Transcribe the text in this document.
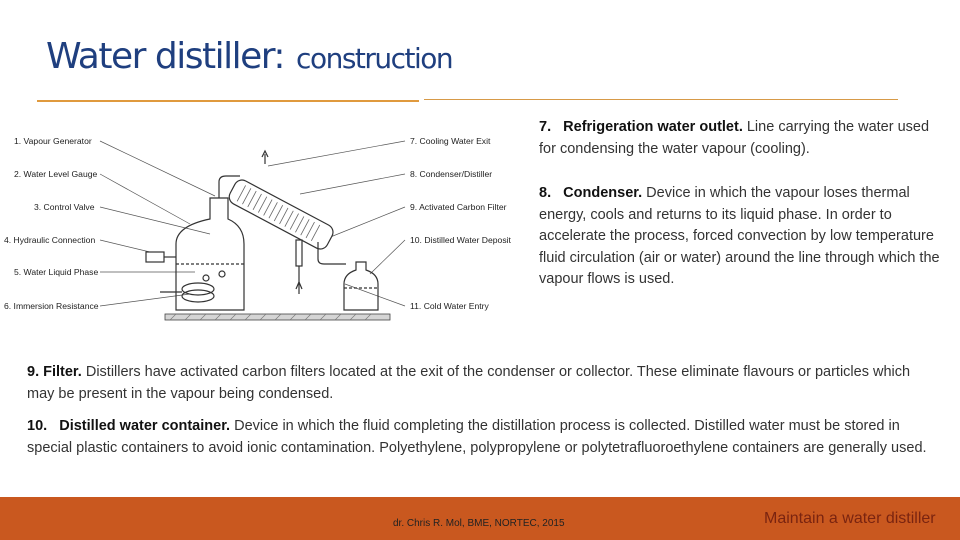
Water distiller: construction
1. Vapour Generator
2. Water Level Gauge
3. Control Valve
4. Hydraulic Connection
5. Water Liquid Phase
6. Immersion Resistance
7. Cooling Water Exit
8. Condenser/Distiller
9. Activated Carbon Filter
10. Distilled Water Deposit
11. Cold Water Entry
7.   Refrigeration water outlet. Line carrying the water used for condensing the water vapour (cooling).
8.   Condenser. Device in which the vapour loses thermal energy, cools and returns to its liquid phase. In order to accelerate the process, forced convection by low temperature fluid circulation (air or water) around the line through which the vapour flows is used.
9. Filter. Distillers have activated carbon filters located at the exit of the condenser or collector. These eliminate flavours or particles which may be present in the vapour being condensed.
10.   Distilled water container. Device in which the fluid completing the distillation process is collected. Distilled water must be stored in special plastic containers to avoid ionic contamination. Polyethylene, polypropylene or polytetrafluoroethylene containers are generally used.
dr. Chris R. Mol, BME, NORTEC, 2015	Maintain a water distiller
